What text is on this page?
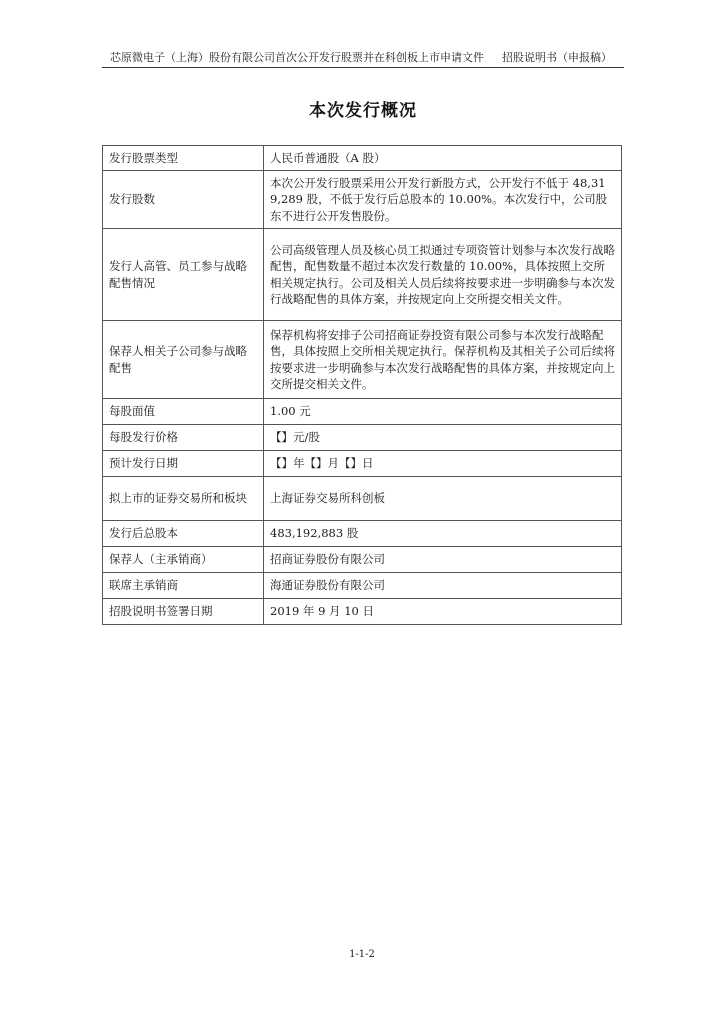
芯原微电子（上海）股份有限公司首次公开发行股票并在科创板上市申请文件 招股说明书（申报稿）
本次发行概况
发行股票类型	人民币普通股（A 股）
发行股数	本次公开发行股票采用公开发行新股方式，公开发行不低于 48,319,289 股，不低于发行后总股本的 10.00%。本次发行中，公司股东不进行公开发售股份。
发行人高管、员工参与战略配售情况	公司高级管理人员及核心员工拟通过专项资管计划参与本次发行战略配售，配售数量不超过本次发行数量的 10.00%，具体按照上交所相关规定执行。公司及相关人员后续将按要求进一步明确参与本次发行战略配售的具体方案，并按规定向上交所提交相关文件。
保荐人相关子公司参与战略配售	保荐机构将安排子公司招商证券投资有限公司参与本次发行战略配售，具体按照上交所相关规定执行。保荐机构及其相关子公司后续将按要求进一步明确参与本次发行战略配售的具体方案，并按规定向上交所提交相关文件。
每股面值	1.00 元
每股发行价格	【】元/股
预计发行日期	【】年【】月【】日
拟上市的证券交易所和板块	上海证券交易所科创板
发行后总股本	483,192,883 股
保荐人（主承销商）	招商证券股份有限公司
联席主承销商	海通证券股份有限公司
招股说明书签署日期	2019 年 9 月 10 日
1-1-2
